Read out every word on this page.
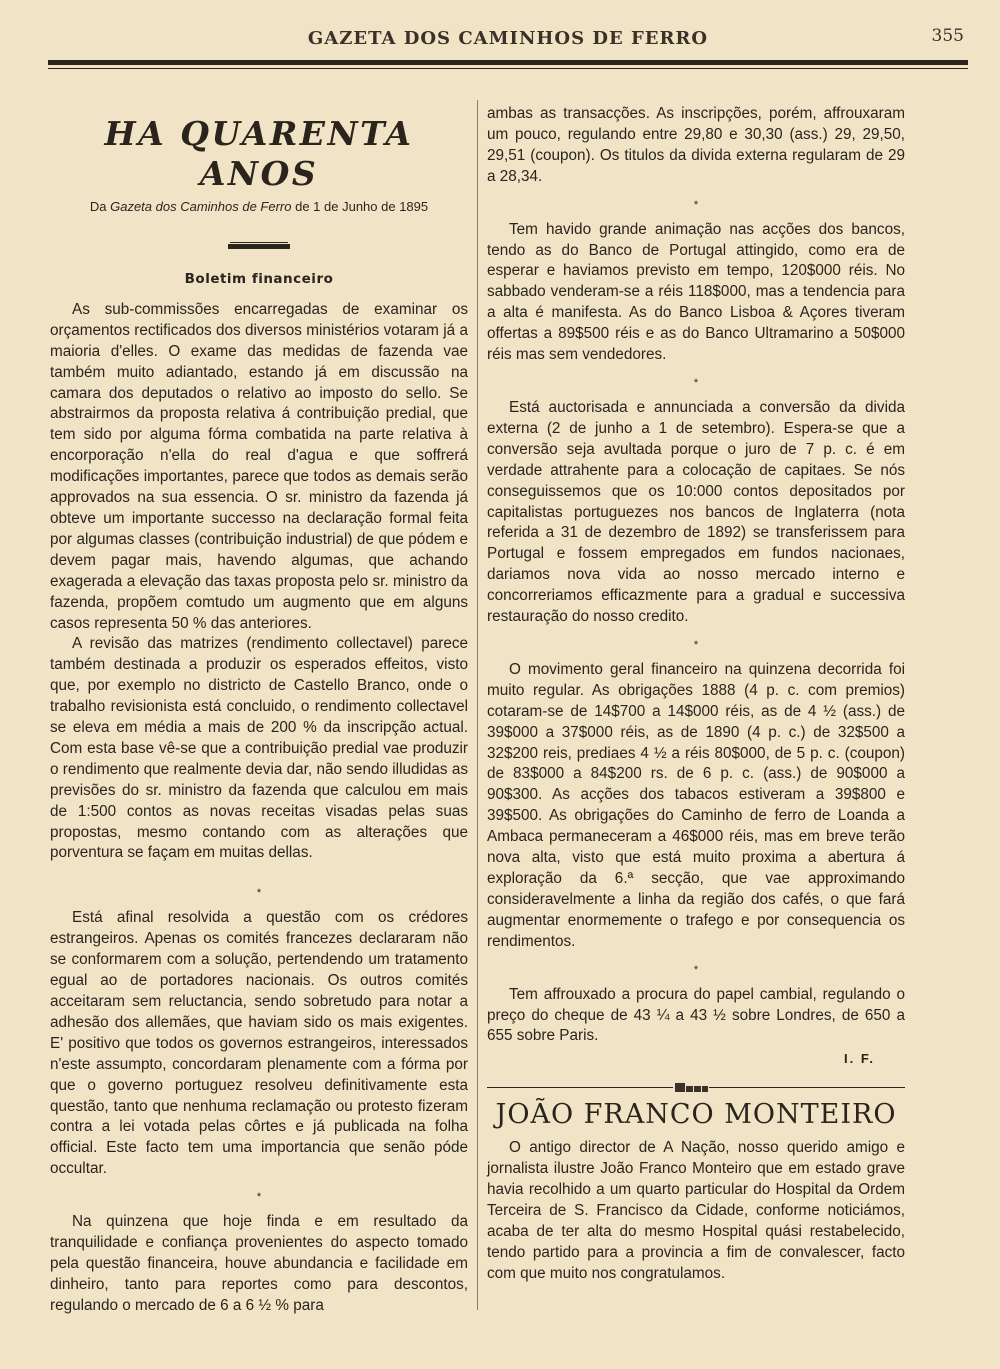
GAZETA DOS CAMINHOS DE FERRO	355
HA QUARENTA ANOS
Da Gazeta dos Caminhos de Ferro de 1 de Junho de 1895
Boletim financeiro

As sub-commissões encarregadas de examinar os orçamentos rectificados dos diversos ministérios votaram já a maioria d'elles. O exame das medidas de fazenda vae também muito adiantado, estando já em discussão na camara dos deputados o relativo ao imposto do sello. Se abstrairmos da proposta relativa á contribuição predial, que tem sido por alguma fórma combatida na parte relativa à encorporação n'ella do real d'agua e que soffrerá modificações importantes, parece que todos as demais serão approvados na sua essencia. O sr. ministro da fazenda já obteve um importante successo na declaração formal feita por algumas classes (contribuição industrial) de que pódem e devem pagar mais, havendo algumas, que achando exagerada a elevação das taxas proposta pelo sr. ministro da fazenda, propõem comtudo um augmento que em alguns casos representa 50 % das anteriores.

A revisão das matrizes (rendimento collectavel) parece também destinada a produzir os esperados effeitos, visto que, por exemplo no districto de Castello Branco, onde o trabalho revisionista está concluido, o rendimento collectavel se eleva em média a mais de 200 % da inscripção actual. Com esta base vê-se que a contribuição predial vae produzir o rendimento que realmente devia dar, não sendo illudidas as previsões do sr. ministro da fazenda que calculou em mais de 1:500 contos as novas receitas visadas pelas suas propostas, mesmo contando com as alterações que porventura se façam em muitas dellas.

*

Está afinal resolvida a questão com os crédores estrangeiros. Apenas os comités francezes declararam não se conformarem com a solução, pertendendo um tratamento egual ao de portadores nacionais. Os outros comités acceitaram sem reluctancia, sendo sobretudo para notar a adhesão dos allemães, que haviam sido os mais exigentes. E' positivo que todos os governos estrangeiros, interessados n'este assumpto, concordaram plenamente com a fórma por que o governo portuguez resolveu definitivamente esta questão, tanto que nenhuma reclamação ou protesto fizeram contra a lei votada pelas côrtes e já publicada na folha official. Este facto tem uma importancia que senão póde occultar.

*

Na quinzena que hoje finda e em resultado da tranquilidade e confiança provenientes do aspecto tomado pela questão financeira, houve abundancia e facilidade em dinheiro, tanto para reportes como para descontos, regulando o mercado de 6 a 6 ½ % para

ambas as transacções. As inscripções, porém, affrouxaram um pouco, regulando entre 29,80 e 30,30 (ass.) 29, 29,50, 29,51 (coupon). Os titulos da divida externa regularam de 29 a 28,34.

*

Tem havido grande animação nas acções dos bancos, tendo as do Banco de Portugal attingido, como era de esperar e haviamos previsto em tempo, 120$000 réis. No sabbado venderam-se a réis 118$000, mas a tendencia para a alta é manifesta. As do Banco Lisboa & Açores tiveram offertas a 89$500 réis e as do Banco Ultramarino a 50$000 réis mas sem vendedores.

*

Está auctorisada e annunciada a conversão da divida externa (2 de junho a 1 de setembro). Espera-se que a conversão seja avultada porque o juro de 7 p. c. é em verdade attrahente para a colocação de capitaes. Se nós conseguissemos que os 10:000 contos depositados por capitalistas portuguezes nos bancos de Inglaterra (nota referida a 31 de dezembro de 1892) se transferissem para Portugal e fossem empregados em fundos nacionaes, dariamos nova vida ao nosso mercado interno e concorreriamos efficazmente para a gradual e successiva restauração do nosso credito.

*

O movimento geral financeiro na quinzena decorrida foi muito regular. As obrigações 1888 (4 p. c. com premios) cotaram-se de 14$700 a 14$000 réis, as de 4 ½ (ass.) de 39$000 a 37$000 réis, as de 1890 (4 p. c.) de 32$500 a 32$200 reis, prediaes 4 ½ a réis 80$000, de 5 p. c. (coupon) de 83$000 a 84$200 rs. de 6 p. c. (ass.) de 90$000 a 90$300. As acções dos tabacos estiveram a 39$800 e 39$500. As obrigações do Caminho de ferro de Loanda a Ambaca permaneceram a 46$000 réis, mas em breve terão nova alta, visto que está muito proxima a abertura á exploração da 6.ª secção, que vae approximando consideravelmente a linha da região dos cafés, o que fará augmentar enormemente o trafego e por consequencia os rendimentos.

*

Tem affrouxado a procura do papel cambial, regulando o preço do cheque de 43 ¼ a 43 ½ sobre Londres, de 650 a 655 sobre Paris.

I. F.
JOÃO FRANCO MONTEIRO

O antigo director de A Nação, nosso querido amigo e jornalista ilustre João Franco Monteiro que em estado grave havia recolhido a um quarto particular do Hospital da Ordem Terceira de S. Francisco da Cidade, conforme noticiámos, acaba de ter alta do mesmo Hospital quási restabelecido, tendo partido para a provincia a fim de convalescer, facto com que muito nos congratulamos.
